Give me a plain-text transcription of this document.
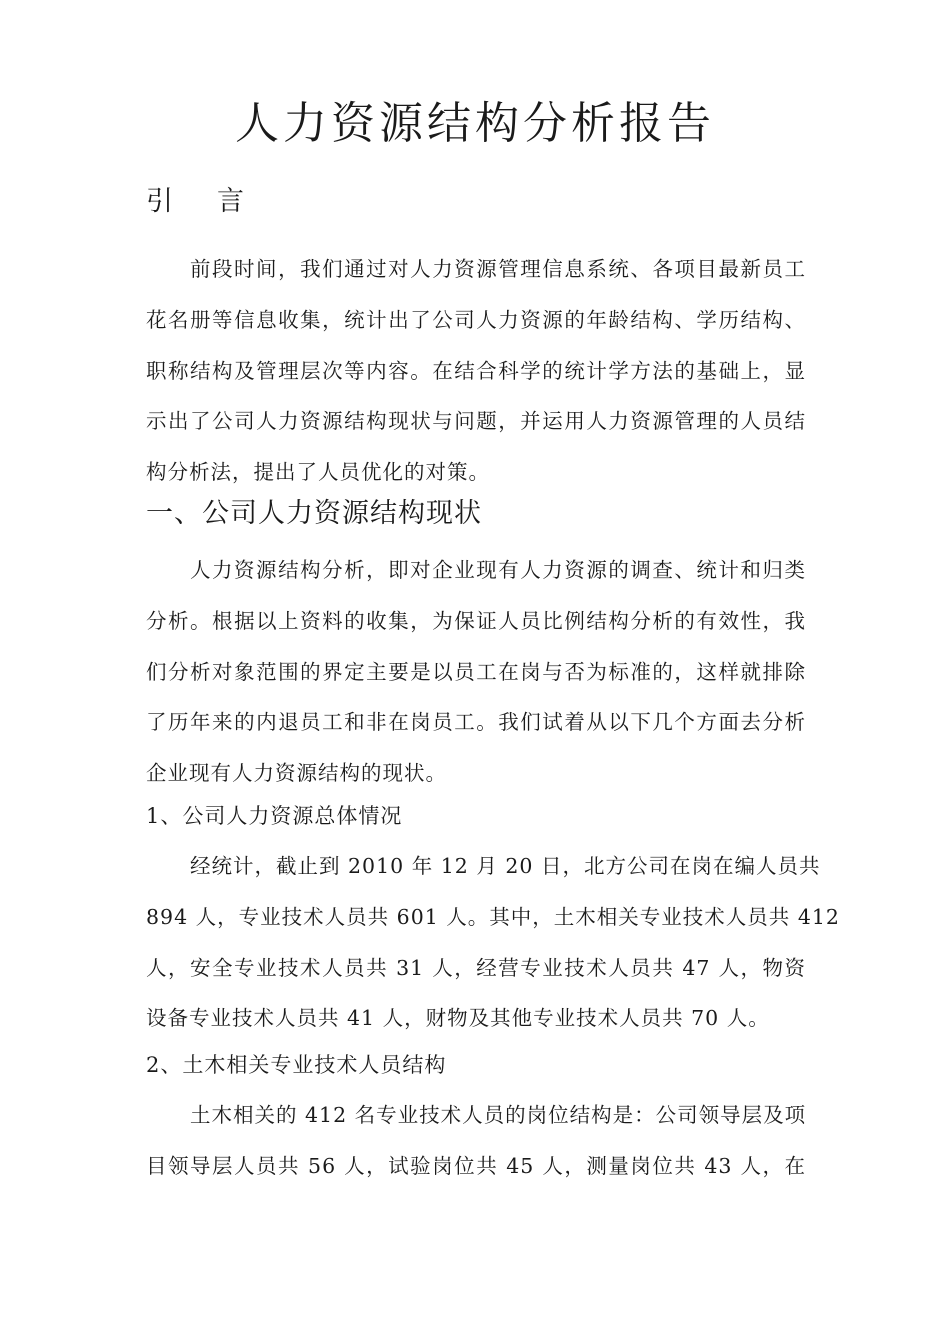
人力资源结构分析报告
引 言
前段时间，我们通过对人力资源管理信息系统、各项目最新员工
花名册等信息收集，统计出了公司人力资源的年龄结构、学历结构、
职称结构及管理层次等内容。在结合科学的统计学方法的基础上，显
示出了公司人力资源结构现状与问题，并运用人力资源管理的人员结
构分析法，提出了人员优化的对策。
一、公司人力资源结构现状
人力资源结构分析，即对企业现有人力资源的调查、统计和归类
分析。根据以上资料的收集，为保证人员比例结构分析的有效性，我
们分析对象范围的界定主要是以员工在岗与否为标准的，这样就排除
了历年来的内退员工和非在岗员工。我们试着从以下几个方面去分析
企业现有人力资源结构的现状。
1、公司人力资源总体情况
经统计，截止到 2010 年 12 月 20 日，北方公司在岗在编人员共
894 人，专业技术人员共 601 人。其中，土木相关专业技术人员共 412
人，安全专业技术人员共 31 人，经营专业技术人员共 47 人，物资
设备专业技术人员共 41 人，财物及其他专业技术人员共 70 人。
2、土木相关专业技术人员结构
土木相关的 412 名专业技术人员的岗位结构是：公司领导层及项
目领导层人员共 56 人，试验岗位共 45 人，测量岗位共 43 人，在
